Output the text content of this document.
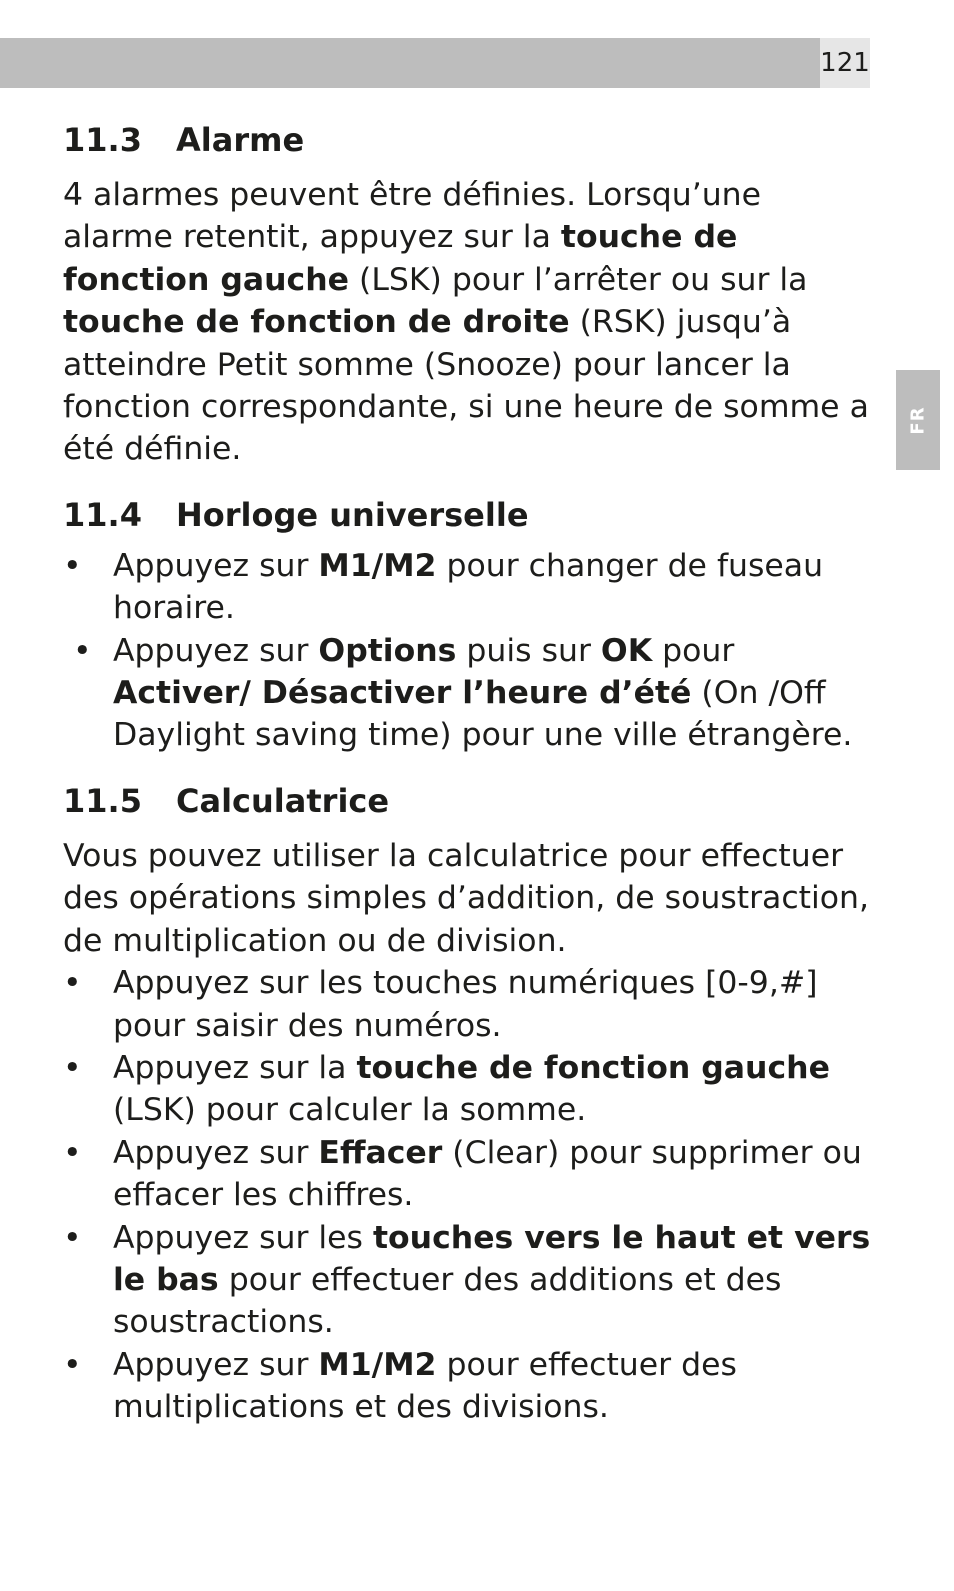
121
FR
11.3	Alarme

4 alarmes peuvent être définies. Lorsqu’une alarme retentit, appuyez sur la touche de fonction gauche (LSK) pour l’arrêter ou sur la touche de fonction de droite (RSK) jusqu’à atteindre Petit somme (Snooze) pour lancer la fonction correspondante, si une heure de somme a été définie.

11.4	Horloge universelle
• Appuyez sur M1/M2 pour changer de fuseau horaire.
• Appuyez sur Options puis sur OK pour Activer/ Désactiver l’heure d’été (On /Off Daylight saving time) pour une ville étrangère.
11.5	Calculatrice

Vous pouvez utiliser la calculatrice pour effectuer des opérations simples d’addition, de soustraction, de multiplication ou de division.

• Appuyez sur les touches numériques [0-9,#] pour saisir des numéros.
• Appuyez sur la touche de fonction gauche (LSK) pour calculer la somme.
• Appuyez sur Effacer (Clear) pour supprimer ou effacer les chiffres.
• Appuyez sur les touches vers le haut et vers le bas pour effectuer des additions et des soustractions.
• Appuyez sur M1/M2 pour effectuer des multiplications et des divisions.
